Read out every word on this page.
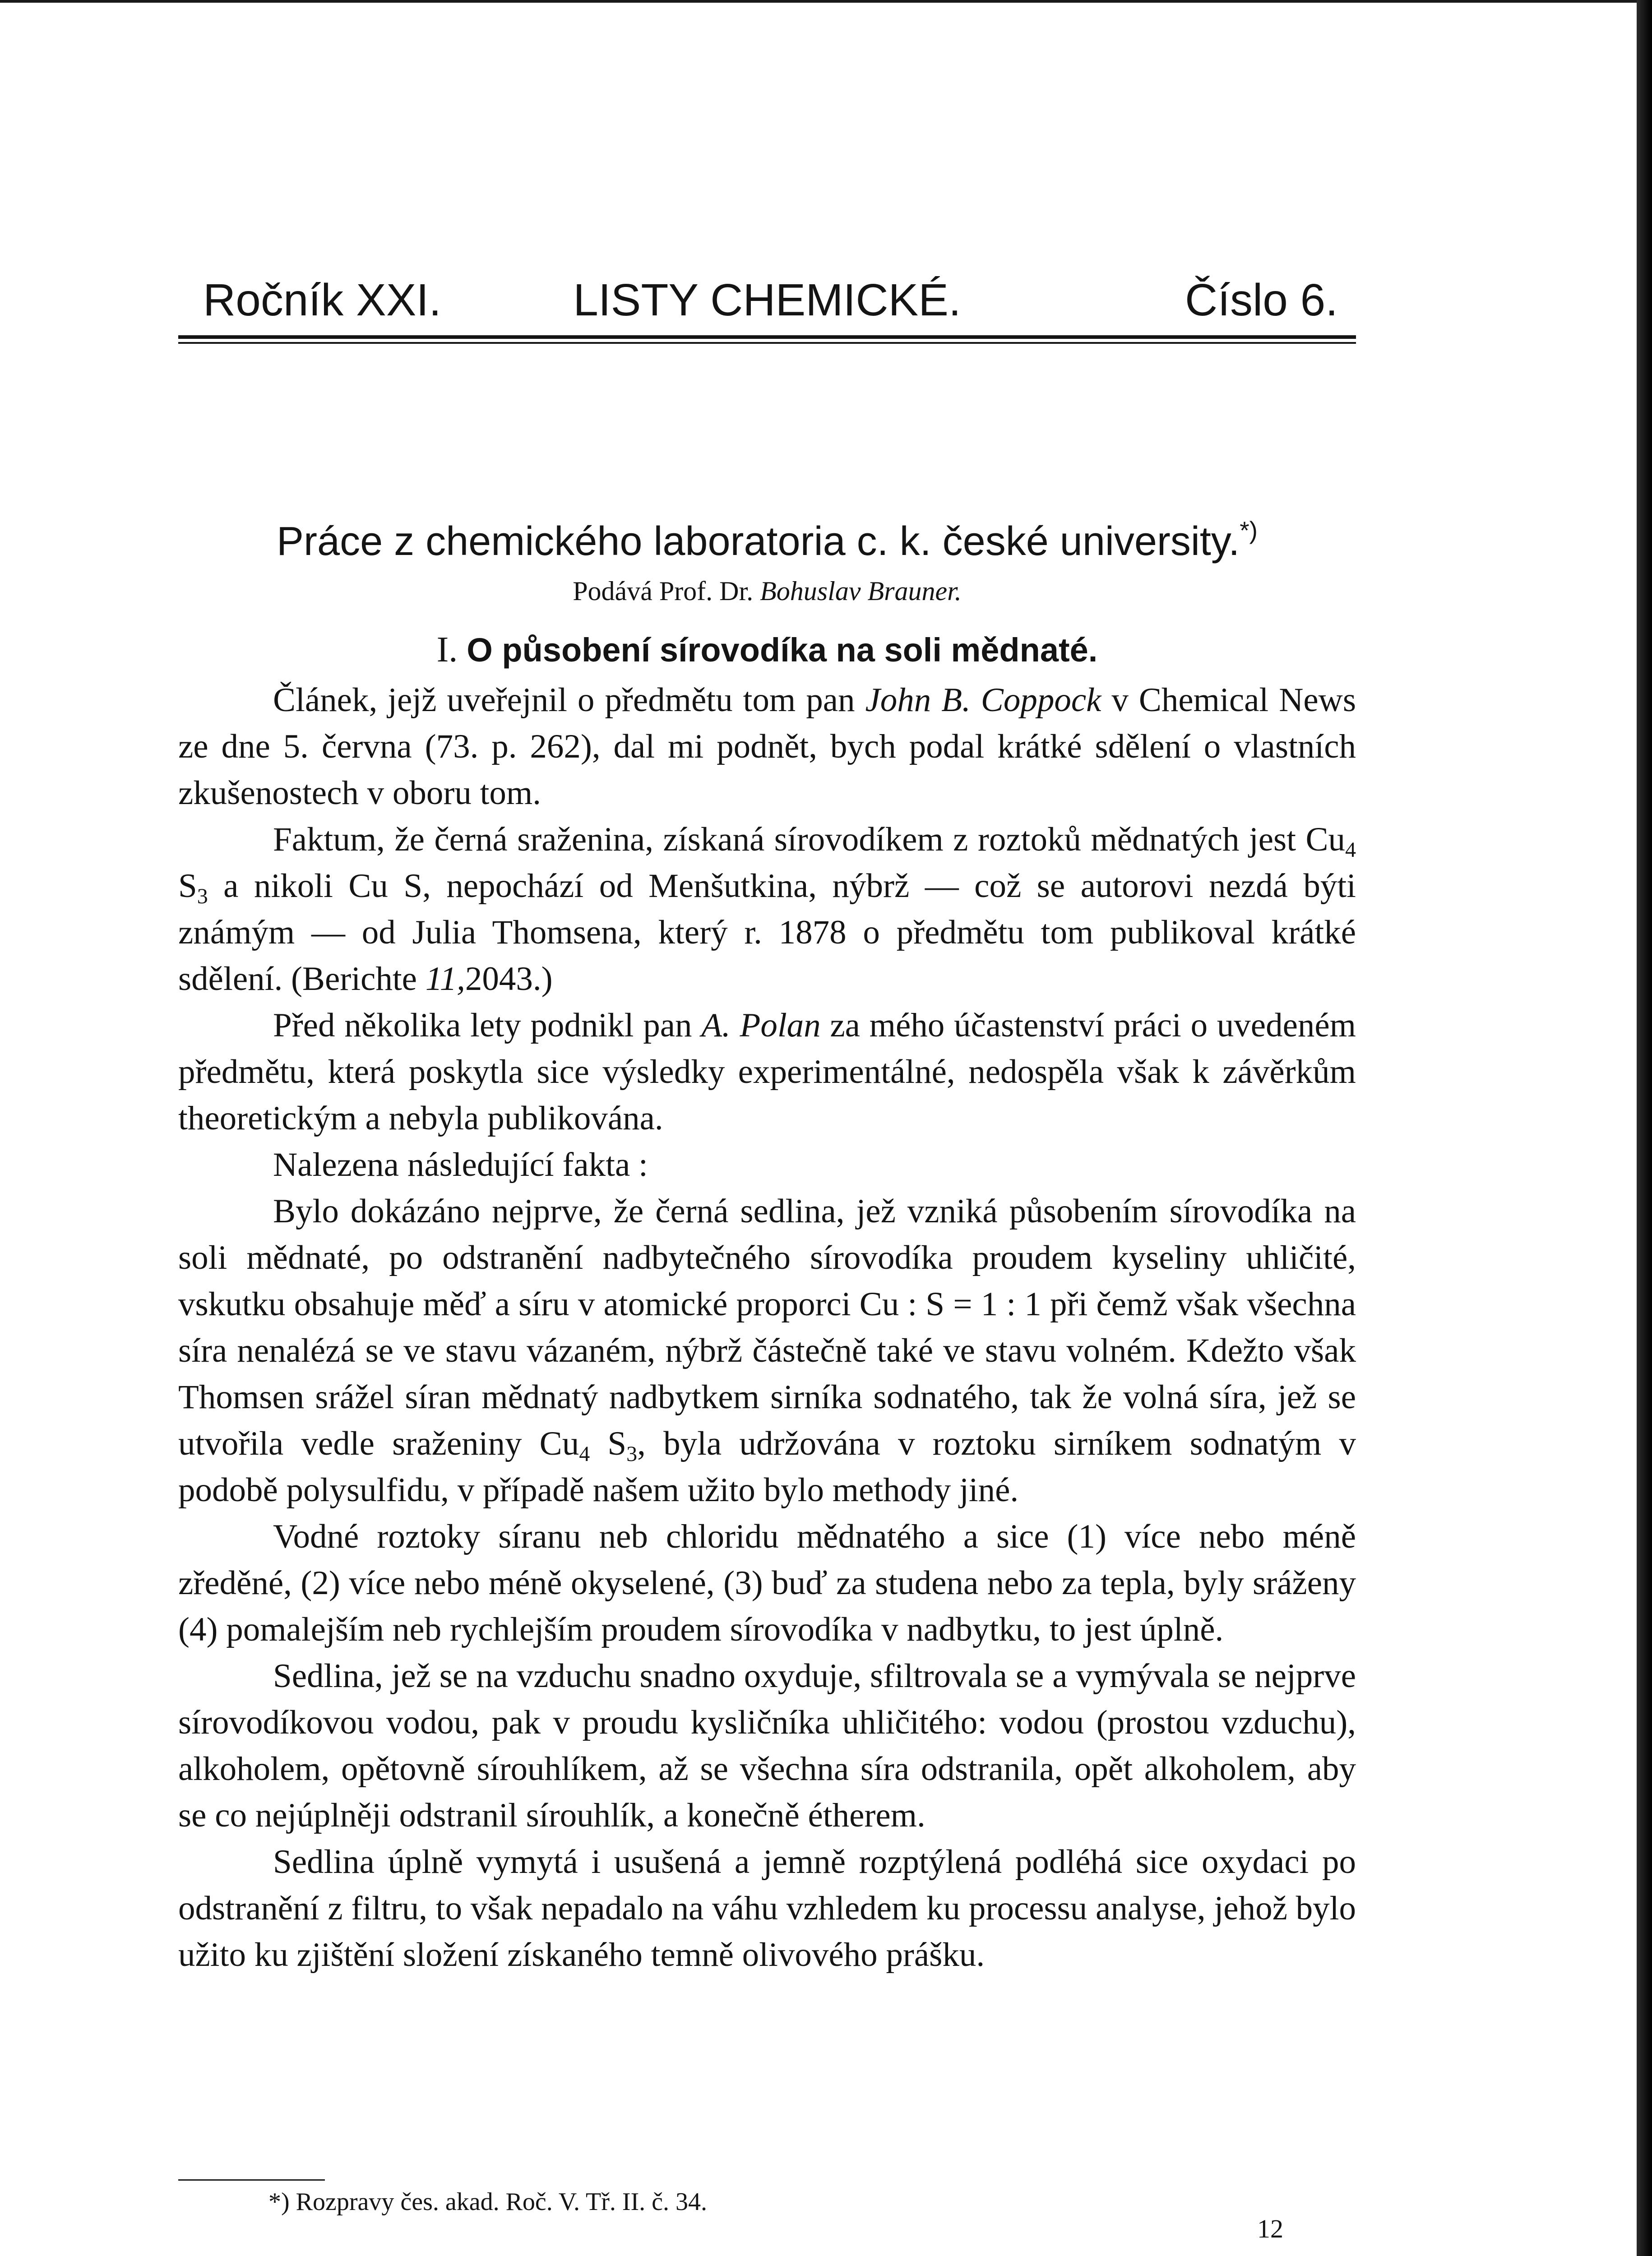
Ročník XXI.	LISTY CHEMICKÉ.	Číslo 6.
Práce z chemického laboratoria c. k. české university.*)
Podává Prof. Dr. Bohuslav Brauner.
I. O působení sírovodíka na soli mědnaté.

Článek, jejž uveřejnil o předmětu tom pan John B. Coppock v Chemical News ze dne 5. června (73. p. 262), dal mi podnět, bych podal krátké sdělení o vlastních zkušenostech v oboru tom.

Faktum, že černá sraženina, získaná sírovodíkem z roztoků mědnatých jest $Cu_4$ $S_3$ a nikoli Cu S, nepochází od Menšutkina, nýbrž — což se autorovi nezdá býti známým — od Julia Thomsena, který r. 1878 o předmětu tom publikoval krátké sdělení. (Berichte 11,2043.)

Před několika lety podnikl pan A. Polan za mého účastenství práci o uvedeném předmětu, která poskytla sice výsledky experimentálné, nedospěla však k závěrkům theoretickým a nebyla publikována.

Nalezena následující fakta :

Bylo dokázáno nejprve, že černá sedlina, jež vzniká působením sírovodíka na soli mědnaté, po odstranění nadbytečného sírovodíka proudem kyseliny uhličité, vskutku obsahuje měď a síru v atomické proporci Cu : S = 1 : 1 při čemž však všechna síra nenalézá se ve stavu vázaném, nýbrž částečně také ve stavu volném. Kdežto však Thomsen srážel síran mědnatý nadbytkem sirníka sodnatého, tak že volná síra, jež se utvořila vedle sraženiny $Cu_4$ $S_3$, byla udržována v roztoku sirníkem sodnatým v podobě polysulfidu, v případě našem užito bylo methody jiné.

Vodné roztoky síranu neb chloridu mědnatého a sice (1) více nebo méně zředěné, (2) více nebo méně okyselené, (3) buď za studena nebo za tepla, byly sráženy (4) pomalejším neb rychlejším proudem sírovodíka v nadbytku, to jest úplně.

Sedlina, jež se na vzduchu snadno oxyduje, sfiltrovala se a vymývala se nejprve sírovodíkovou vodou, pak v proudu kysličníka uhličitého: vodou (prostou vzduchu), alkoholem, opětovně sírouhlíkem, až se všechna síra odstranila, opět alkoholem, aby se co nejúplněji odstranil sírouhlík, a konečně étherem.

Sedlina úplně vymytá i usušená a jemně rozptýlená podléhá sice oxydaci po odstranění z filtru, to však nepadalo na váhu vzhledem ku processu analyse, jehož bylo užito ku zjištění složení získaného temně olivového prášku.

*) Rozpravy čes. akad. Roč. V. Tř. II. č. 34.
12
